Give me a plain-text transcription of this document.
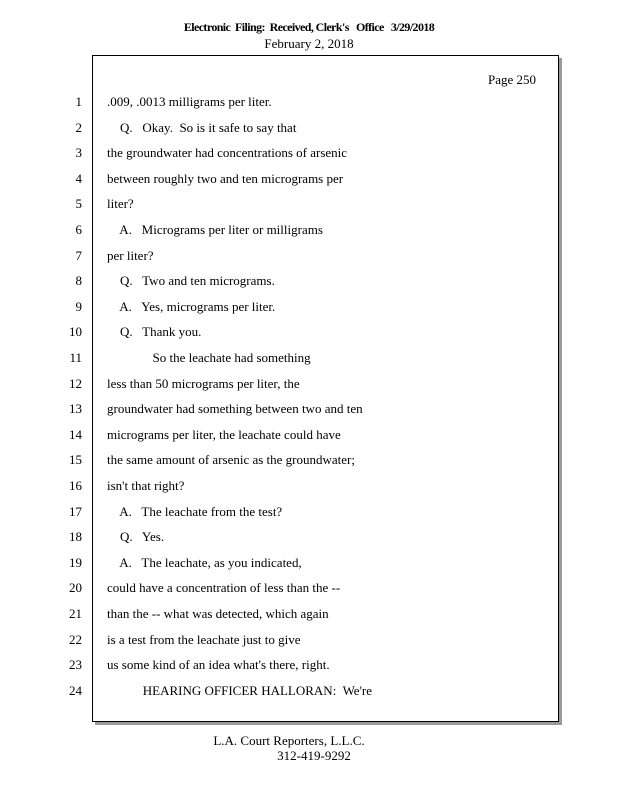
Electronic  Filing:  Received, Clerk's   Office   3/29/2018
February 2, 2018
Page 250
1 .009, .0013 milligrams per liter.
2 Q.   Okay.  So is it safe to say that
3 the groundwater had concentrations of arsenic
4 between roughly two and ten micrograms per
5 liter?
6 A.   Micrograms per liter or milligrams
7 per liter?
8 Q.   Two and ten micrograms.
9 A.   Yes, micrograms per liter.
10 Q.   Thank you.
11 So the leachate had something
12 less than 50 micrograms per liter, the
13 groundwater had something between two and ten
14 micrograms per liter, the leachate could have
15 the same amount of arsenic as the groundwater;
16 isn't that right?
17 A.   The leachate from the test?
18 Q.   Yes.
19 A.   The leachate, as you indicated,
20 could have a concentration of less than the --
21 than the -- what was detected, which again
22 is a test from the leachate just to give
23 us some kind of an idea what's there, right.
24 HEARING OFFICER HALLORAN:  We're
L.A. Court Reporters, L.L.C.
312-419-9292
